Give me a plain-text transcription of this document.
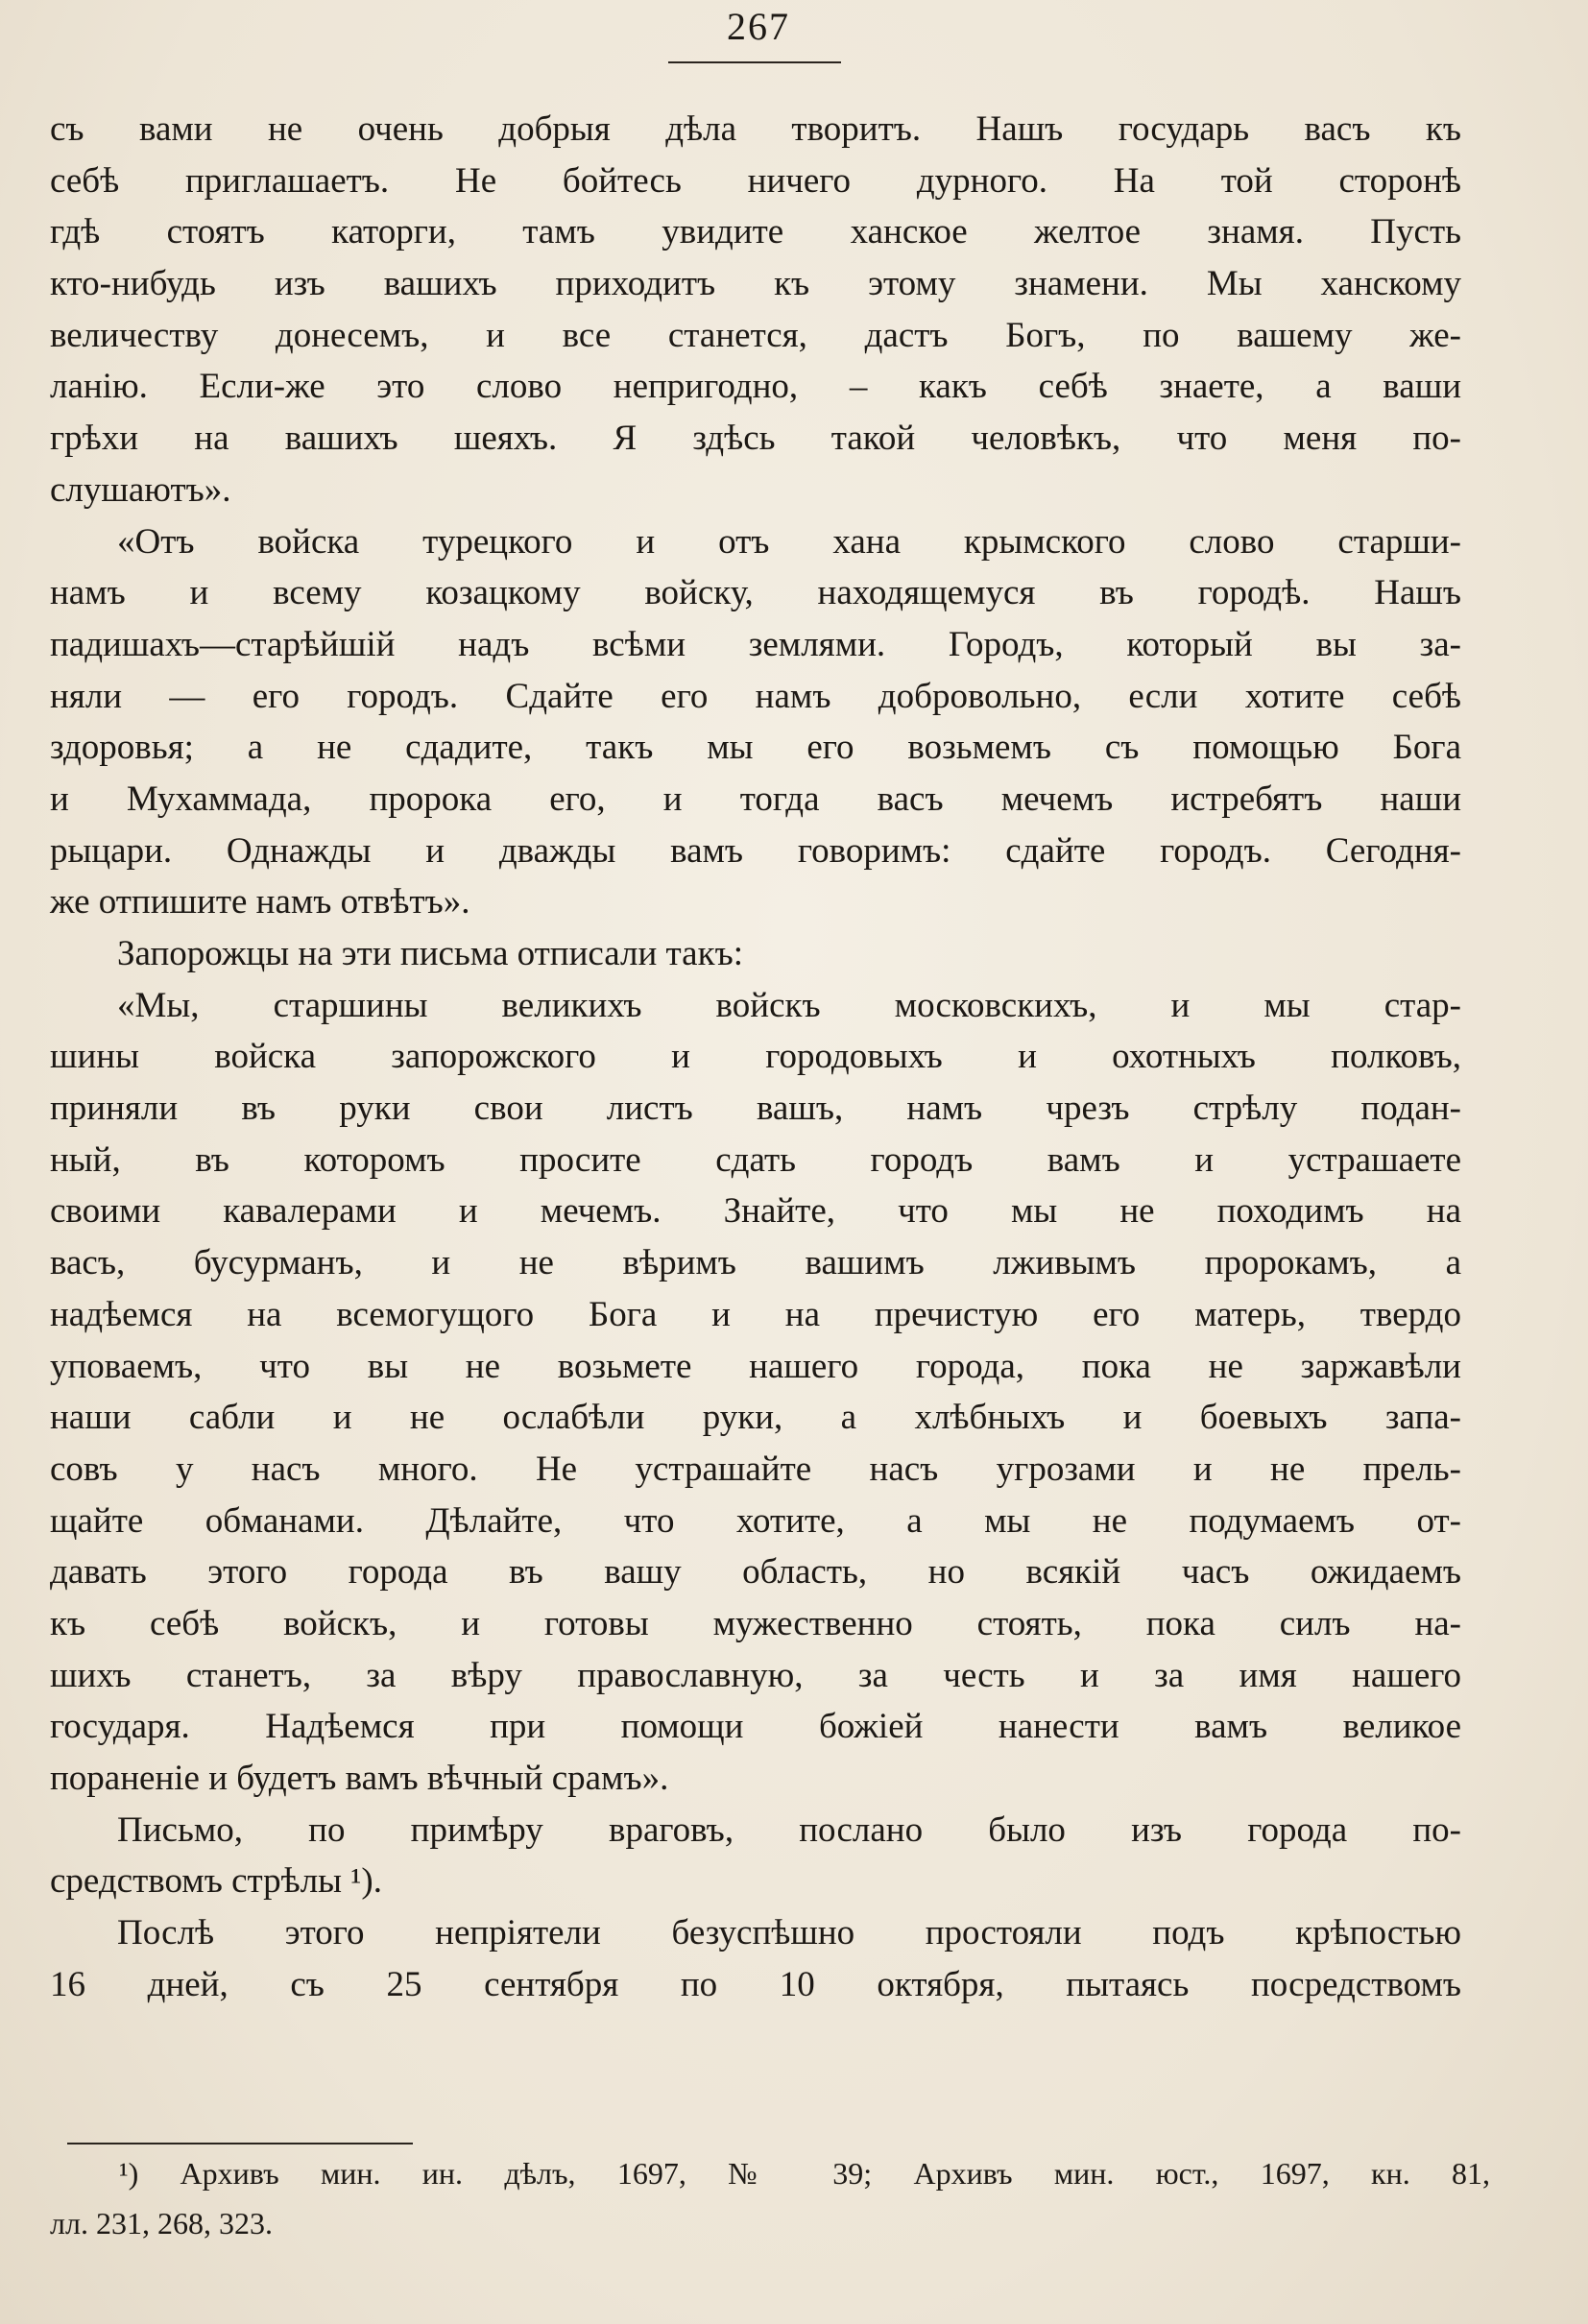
267
съ вами не очень добрыя дѣла творитъ. Нашъ государь васъ къ
себѣ приглашаетъ. Не бойтесь ничего дурного. На той сторонѣ
гдѣ стоятъ каторги, тамъ увидите ханское желтое знамя. Пусть
кто-нибудь изъ вашихъ приходитъ къ этому знамени. Мы ханскому
величеству донесемъ, и все станется, дастъ Богъ, по вашему же-
ланію. Если-же это слово непригодно, – какъ себѣ знаете, а ваши
грѣхи на вашихъ шеяхъ. Я здѣсь такой человѣкъ, что меня по-
слушаютъ».
«Отъ войска турецкого и отъ хана крымского слово старши-
намъ и всему козацкому войску, находящемуся въ городѣ. Нашъ
падишахъ—старѣйшій надъ всѣми землями. Городъ, который вы за-
няли — его городъ. Сдайте его намъ добровольно, если хотите себѣ
здоровья; а не сдадите, такъ мы его возьмемъ съ помощью Бога
и Мухаммада, пророка его, и тогда васъ мечемъ истребятъ наши
рыцари. Однажды и дважды вамъ говоримъ: сдайте городъ. Сегодня-
же отпишите намъ отвѣтъ».
Запорожцы на эти письма отписали такъ:
«Мы, старшины великихъ войскъ московскихъ, и мы стар-
шины войска запорожского и городовыхъ и охотныхъ полковъ,
приняли въ руки свои листъ вашъ, намъ чрезъ стрѣлу подан-
ный, въ которомъ просите сдать городъ вамъ и устрашаете
своими кавалерами и мечемъ. Знайте, что мы не походимъ на
васъ, бусурманъ, и не вѣримъ вашимъ лживымъ пророкамъ, а
надѣемся на всемогущого Бога и на пречистую его матерь, твердо
уповаемъ, что вы не возьмете нашего города, пока не заржавѣли
наши сабли и не ослабѣли руки, а хлѣбныхъ и боевыхъ запа-
совъ у насъ много. Не устрашайте насъ угрозами и не прель-
щайте обманами. Дѣлайте, что хотите, а мы не подумаемъ от-
давать этого города въ вашу область, но всякій часъ ожидаемъ
къ себѣ войскъ, и готовы мужественно стоять, пока силъ на-
шихъ станетъ, за вѣру православную, за честь и за имя нашего
государя. Надѣемся при помощи божіей нанести вамъ великое
пораненіе и будетъ вамъ вѣчный срамъ».
Письмо, по примѣру враговъ, послано было изъ города по-
средствомъ стрѣлы ¹).
Послѣ этого непріятели безуспѣшно простояли подъ крѣпостью
16 дней, съ 25 сентября по 10 октября, пытаясь посредствомъ
¹) Архивъ мин. ин. дѣлъ, 1697, № 39; Архивъ мин. юст., 1697, кн. 81,
лл. 231, 268, 323.
